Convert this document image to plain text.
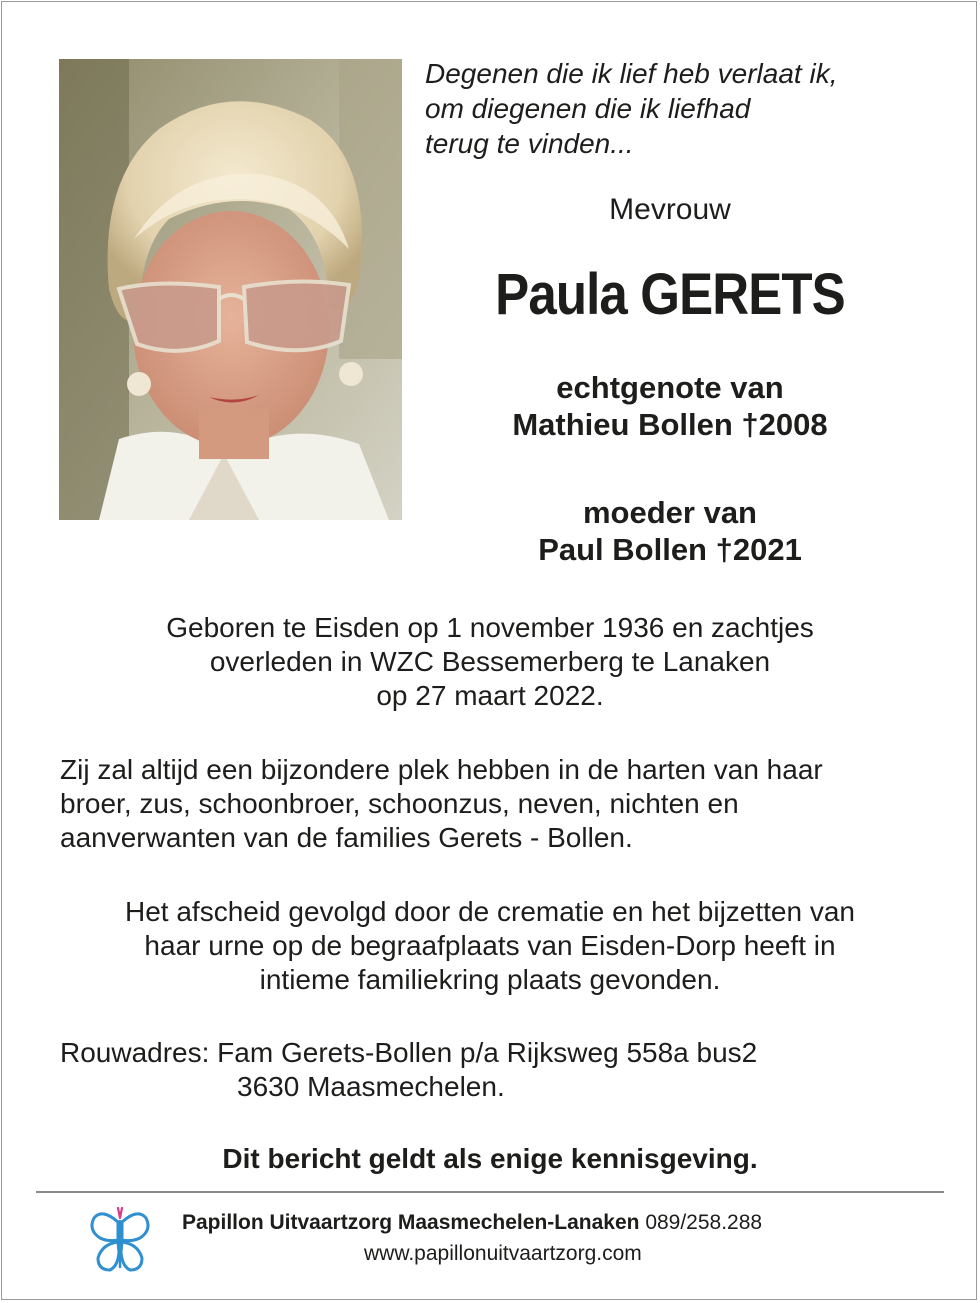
Degenen die ik lief heb verlaat ik,
om diegenen die ik liefhad
terug te vinden...
Mevrouw
Paula GERETS
echtgenote van
Mathieu Bollen †2008
moeder van
Paul Bollen †2021
Geboren te Eisden op 1 november 1936 en zachtjes
overleden in WZC Bessemerberg te Lanaken
op 27 maart 2022.
Zij zal altijd een bijzondere plek hebben in de harten van haar
broer, zus, schoonbroer, schoonzus, neven, nichten en
aanverwanten van de families Gerets - Bollen.
Het afscheid gevolgd door de crematie en het bijzetten van
haar urne op de begraafplaats van Eisden-Dorp heeft in
intieme familiekring plaats gevonden.
Rouwadres: Fam Gerets-Bollen p/a Rijksweg 558a bus2
3630 Maasmechelen.
Dit bericht geldt als enige kennisgeving.
Papillon Uitvaartzorg Maasmechelen-Lanaken 089/258.288
www.papillonuitvaartzorg.com
